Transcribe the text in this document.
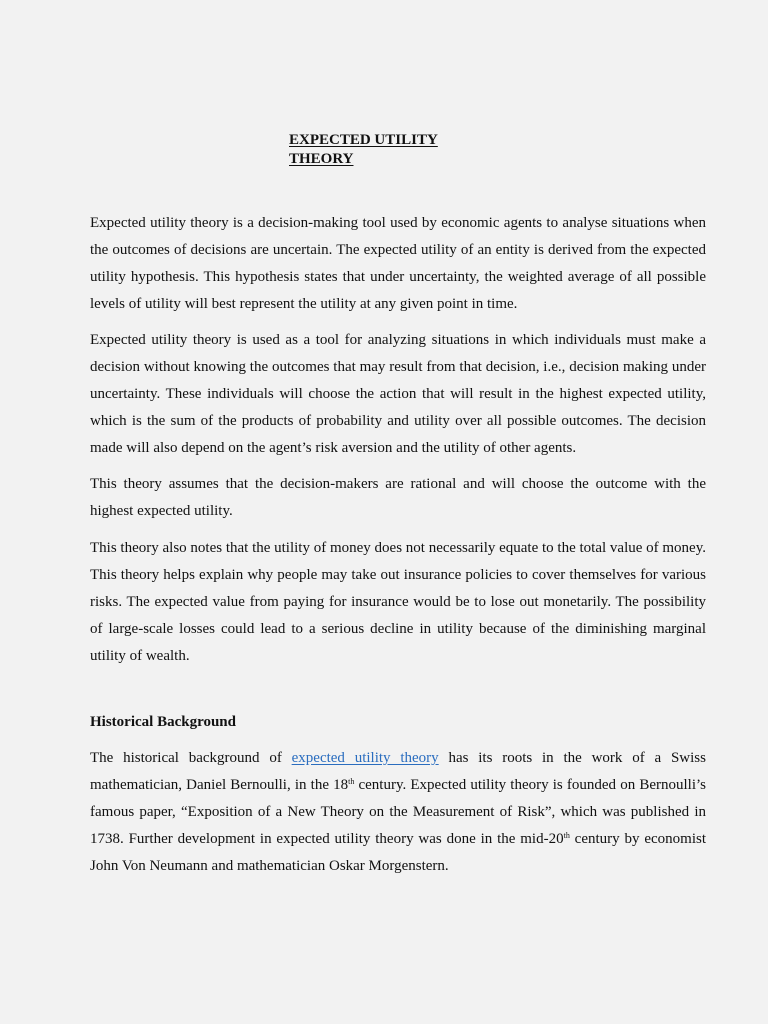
EXPECTED UTILITY
THEORY

Expected utility theory is a decision-making tool used by economic agents to analyse situations when the outcomes of decisions are uncertain. The expected utility of an entity is derived from the expected utility hypothesis. This hypothesis states that under uncertainty, the weighted average of all possible levels of utility will best represent the utility at any given point in time.

Expected utility theory is used as a tool for analyzing situations in which individuals must make a decision without knowing the outcomes that may result from that decision, i.e., decision making under uncertainty. These individuals will choose the action that will result in the highest expected utility, which is the sum of the products of probability and utility over all possible outcomes. The decision made will also depend on the agent’s risk aversion and the utility of other agents.

This theory assumes that the decision-makers are rational and will choose the outcome with the highest expected utility.

This theory also notes that the utility of money does not necessarily equate to the total value of money. This theory helps explain why people may take out insurance policies to cover themselves for various risks. The expected value from paying for insurance would be to lose out monetarily. The possibility of large-scale losses could lead to a serious decline in utility because of the diminishing marginal utility of wealth.

Historical Background

The historical background of expected utility theory has its roots in the work of a Swiss mathematician, Daniel Bernoulli, in the 18th century. Expected utility theory is founded on Bernoulli’s famous paper, “Exposition of a New Theory on the Measurement of Risk”, which was published in 1738. Further development in expected utility theory was done in the mid-20th century by economist John Von Neumann and mathematician Oskar Morgenstern.
